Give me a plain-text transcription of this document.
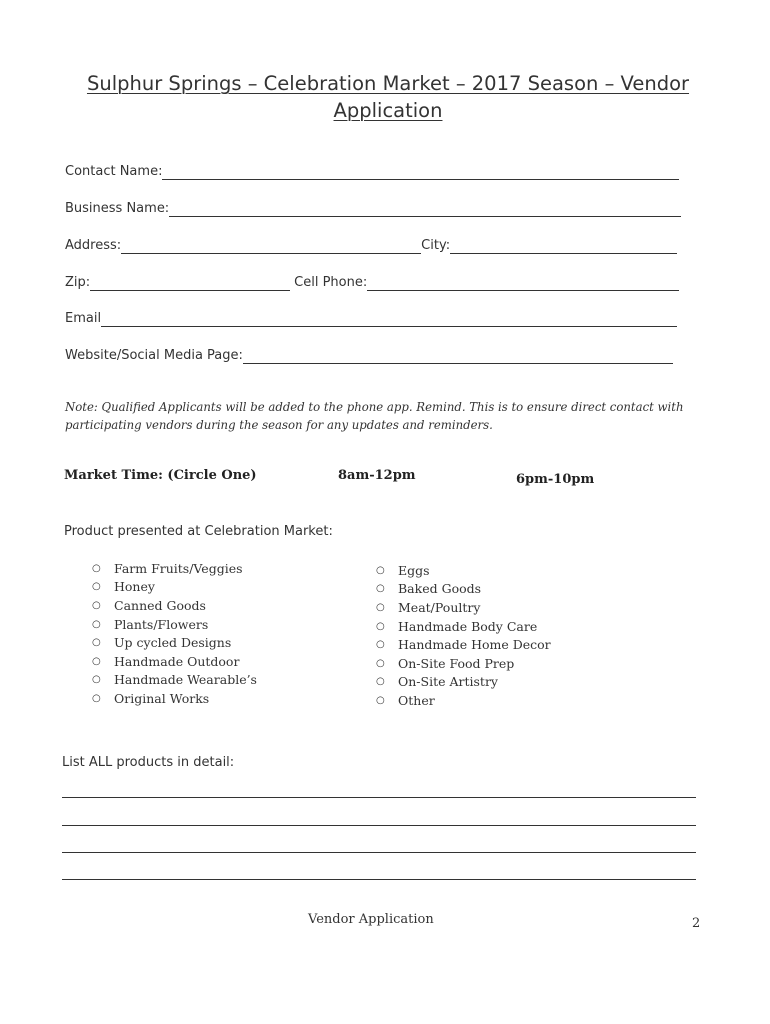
Sulphur Springs – Celebration Market – 2017 Season – Vendor
Application
Contact Name:
Business Name:
Address:	City:
Zip:	Cell Phone:
Email
Website/Social Media Page:
Note: Qualified Applicants will be added to the phone app. Remind. This is to ensure direct contact with participating vendors during the season for any updates and reminders.
Market Time: (Circle One)	8am-12pm	6pm-10pm
Product presented at Celebration Market:
○	Farm Fruits/Veggies
○	Honey
○	Canned Goods
○	Plants/Flowers
○	Up cycled Designs
○	Handmade Outdoor
○	Handmade Wearable’s
○	Original Works
○	Eggs
○	Baked Goods
○	Meat/Poultry
○	Handmade Body Care
○	Handmade Home Decor
○	On-Site Food Prep
○	On-Site Artistry
○	Other
List ALL products in detail:
Vendor Application	2
